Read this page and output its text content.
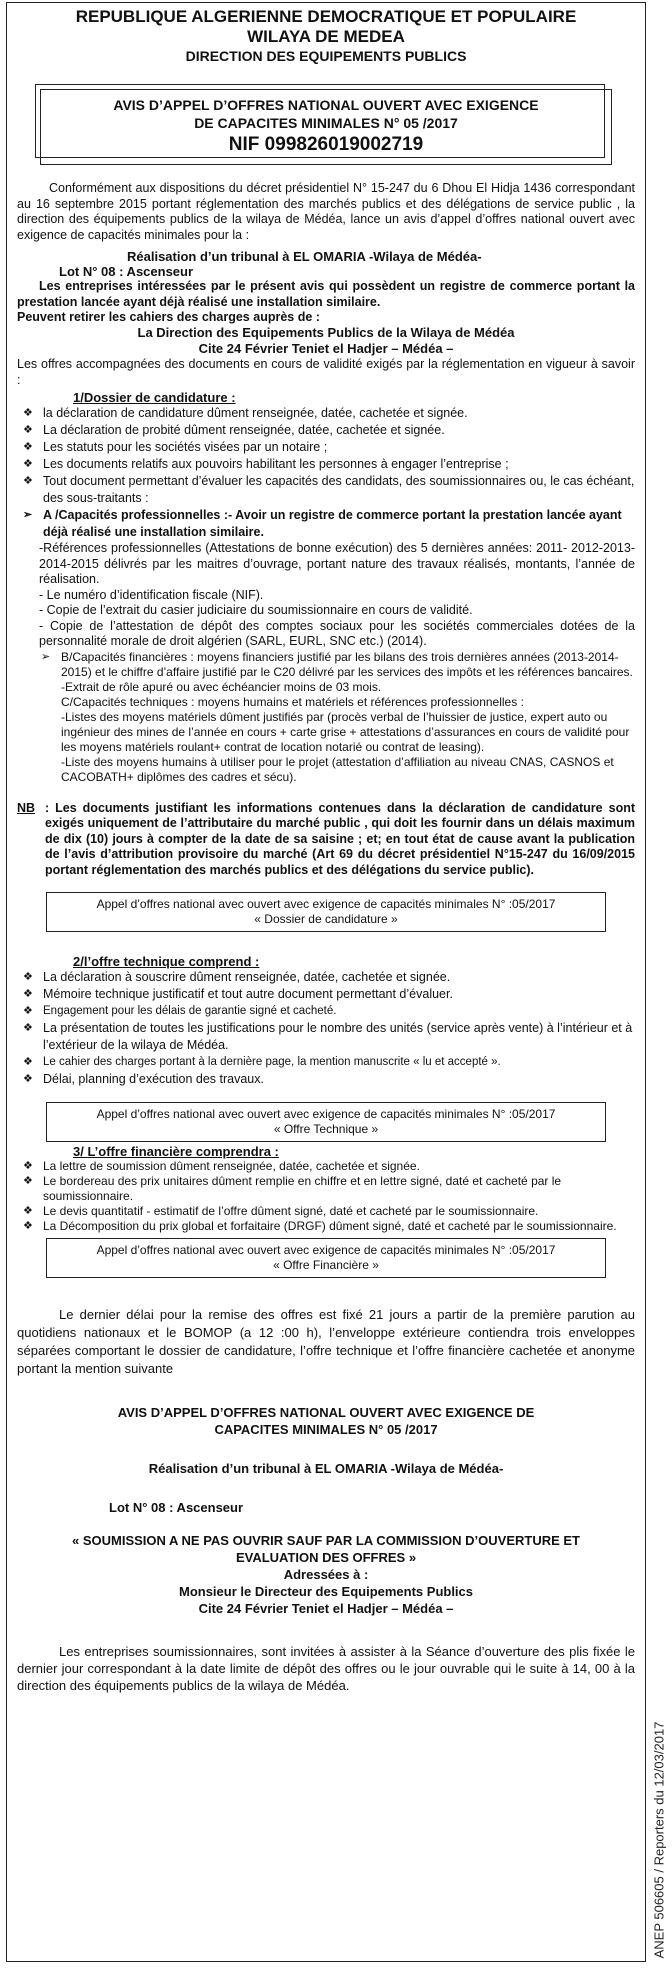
REPUBLIQUE ALGERIENNE DEMOCRATIQUE ET POPULAIRE

WILAYA DE MEDEA

DIRECTION DES EQUIPEMENTS PUBLICS

AVIS D’APPEL D’OFFRES NATIONAL OUVERT AVEC EXIGENCE

DE CAPACITES MINIMALES N° 05 /2017

NIF 099826019002719

Conformément aux dispositions du décret présidentiel N° 15-247 du 6 Dhou El Hidja 1436 correspondant au 16 septembre 2015 portant réglementation des marchés publics et des délégations de service public , la direction des équipements publics de la wilaya de Médéa, lance un avis d’appel d’offres national ouvert avec exigence de capacités minimales pour la :

Réalisation d’un tribunal à EL OMARIA -Wilaya de Médéa-

Lot N° 08 : Ascenseur

Les entreprises intéressées par le présent avis qui possèdent un registre de commerce portant la prestation lancée ayant déjà réalisé une installation similaire.

Peuvent retirer les cahiers des charges auprès de :

La Direction des Equipements Publics de la Wilaya de Médéa

Cite 24 Février Teniet el Hadjer – Médéa –

Les offres accompagnées des documents en cours de validité exigés par la réglementation en vigueur à savoir :

1/Dossier de candidature :

❖ la déclaration de candidature dûment renseignée, datée, cachetée et signée.

❖ La déclaration de probité dûment renseignée, datée, cachetée et signée.

❖ Les statuts pour les sociétés visées par un notaire ;

❖ Les documents relatifs aux pouvoirs habilitant les personnes à engager l’entreprise ;

❖ Tout document permettant d’évaluer les capacités des candidats, des soumissionnaires ou, le cas échéant, des sous-traitants :

➢ A /Capacités professionnelles :- Avoir un registre de commerce portant la prestation lancée ayant déjà réalisé une installation similaire.

-Références professionnelles (Attestations de bonne exécution) des 5 dernières années: 2011- 2012-2013-2014-2015 délivrés par les maitres d’ouvrage, portant nature des travaux réalisés, montants, l’année de réalisation.

- Le numéro d’identification fiscale (NIF).

- Copie de l’extrait du casier judiciaire du soumissionnaire en cours de validité.

- Copie de l’attestation de dépôt des comptes sociaux pour les sociétés commerciales dotées de la personnalité morale de droit algérien (SARL, EURL, SNC etc.) (2014).

➢ B/Capacités financières : moyens financiers justifié par les bilans des trois dernières années (2013-2014- 2015) et le chiffre d’affaire justifié par le C20 délivré par les services des impôts et les références bancaires.

-Extrait de rôle apuré ou avec échéancier moins de 03 mois.

C/Capacités techniques : moyens humains et matériels et références professionnelles :

-Listes des moyens matériels dûment justifiés par (procès verbal de l’huissier de justice, expert auto ou ingénieur des mines de l’année en cours + carte grise + attestations d’assurances en cours de validité pour les moyens matériels roulant+ contrat de location notarié ou contrat de leasing).

-Liste des moyens humains à utiliser pour le projet (attestation d’affiliation au niveau CNAS, CASNOS et CACOBATH+ diplômes des cadres et sécu).

NB : Les documents justifiant les informations contenues dans la déclaration de candidature sont exigés uniquement de l’attributaire du marché public , qui doit les fournir dans un délais maximum de dix (10) jours à compter de la date de sa saisine ; et; en tout état de cause avant la publication de l’avis d’attribution provisoire du marché (Art 69 du décret présidentiel N°15-247 du 16/09/2015 portant réglementation des marchés publics et des délégations du service public).

Appel d’offres national avec ouvert avec exigence de capacités minimales N° :05/2017

« Dossier de candidature »

2/l’offre technique comprend :

❖ La déclaration à souscrire dûment renseignée, datée, cachetée et signée.

❖ Mémoire technique justificatif et tout autre document permettant d’évaluer.

❖ Engagement pour les délais de garantie signé et cacheté.

❖ La présentation de toutes les justifications pour le nombre des unités (service après vente) à l’intérieur et à l’extérieur de la wilaya de Médéa.

❖ Le cahier des charges portant à la dernière page, la mention manuscrite « lu et accepté ».

❖ Délai, planning d’exécution des travaux.

Appel d’offres national avec ouvert avec exigence de capacités minimales N° :05/2017

« Offre Technique »

3/ L’offre financière comprendra :

❖ La lettre de soumission dûment renseignée, datée, cachetée et signée.

❖ Le bordereau des prix unitaires dûment remplie en chiffre et en lettre signé, daté et cacheté par le soumissionnaire.

❖ Le devis quantitatif - estimatif de l’offre dûment signé, daté et cacheté par le soumissionnaire.

❖ La Décomposition du prix global et forfaitaire (DRGF) dûment signé, daté et cacheté par le soumissionnaire.

Appel d’offres national avec ouvert avec exigence de capacités minimales N° :05/2017

« Offre Financière »

Le dernier délai pour la remise des offres est fixé 21 jours a partir de la première parution au quotidiens nationaux et le BOMOP (a 12 :00 h), l’enveloppe extérieure contiendra trois enveloppes séparées comportant le dossier de candidature, l’offre technique et l’offre financière cachetée et anonyme portant la mention suivante

AVIS D’APPEL D’OFFRES NATIONAL OUVERT AVEC EXIGENCE DE

CAPACITES MINIMALES N° 05 /2017

Réalisation d’un tribunal à EL OMARIA -Wilaya de Médéa-

Lot N° 08 : Ascenseur

« SOUMISSION A NE PAS OUVRIR SAUF PAR LA COMMISSION D’OUVERTURE ET

EVALUATION DES OFFRES »

Adressées à :

Monsieur le Directeur des Equipements Publics

Cite 24 Février Teniet el Hadjer – Médéa –

Les entreprises soumissionnaires, sont invitées à assister à la Séance d’ouverture des plis fixée le dernier jour correspondant à la date limite de dépôt des offres ou le jour ouvrable qui le suite à 14, 00 à la direction des équipements publics de la wilaya de Médéa.

ANEP 506605 / Reporters du 12/03/2017
